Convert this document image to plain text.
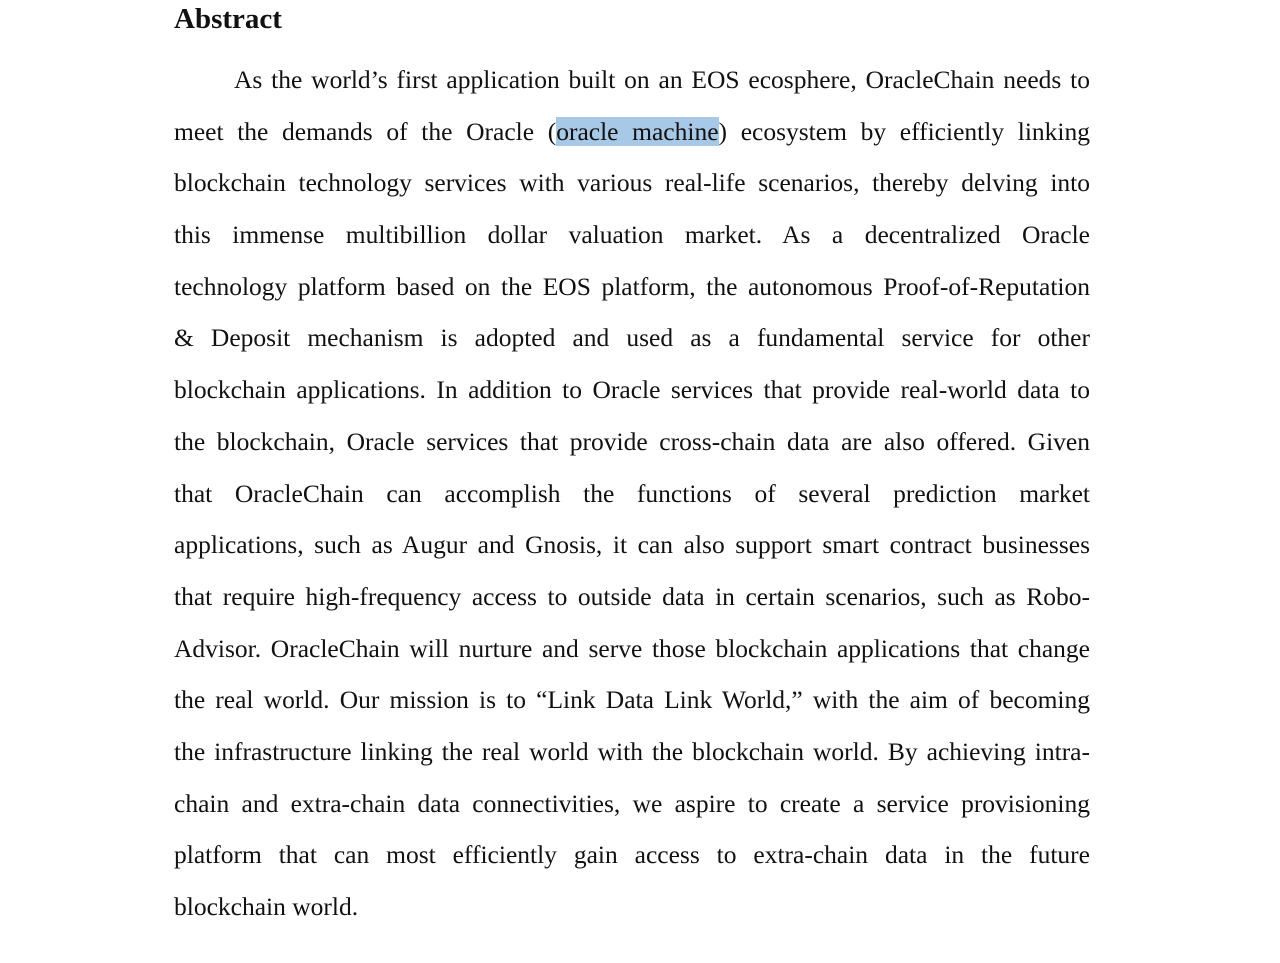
Abstract
As the world’s first application built on an EOS ecosphere, OracleChain needs to
meet the demands of the Oracle (oracle machine) ecosystem by efficiently linking
blockchain technology services with various real-life scenarios, thereby delving into
this immense multibillion dollar valuation market. As a decentralized Oracle
technology platform based on the EOS platform, the autonomous Proof-of-Reputation
& Deposit mechanism is adopted and used as a fundamental service for other
blockchain applications. In addition to Oracle services that provide real-world data to
the blockchain, Oracle services that provide cross-chain data are also offered. Given
that OracleChain can accomplish the functions of several prediction market
applications, such as Augur and Gnosis, it can also support smart contract businesses
that require high-frequency access to outside data in certain scenarios, such as Robo-
Advisor. OracleChain will nurture and serve those blockchain applications that change
the real world. Our mission is to “Link Data Link World,” with the aim of becoming
the infrastructure linking the real world with the blockchain world. By achieving intra-
chain and extra-chain data connectivities, we aspire to create a service provisioning
platform that can most efficiently gain access to extra-chain data in the future
blockchain world.
